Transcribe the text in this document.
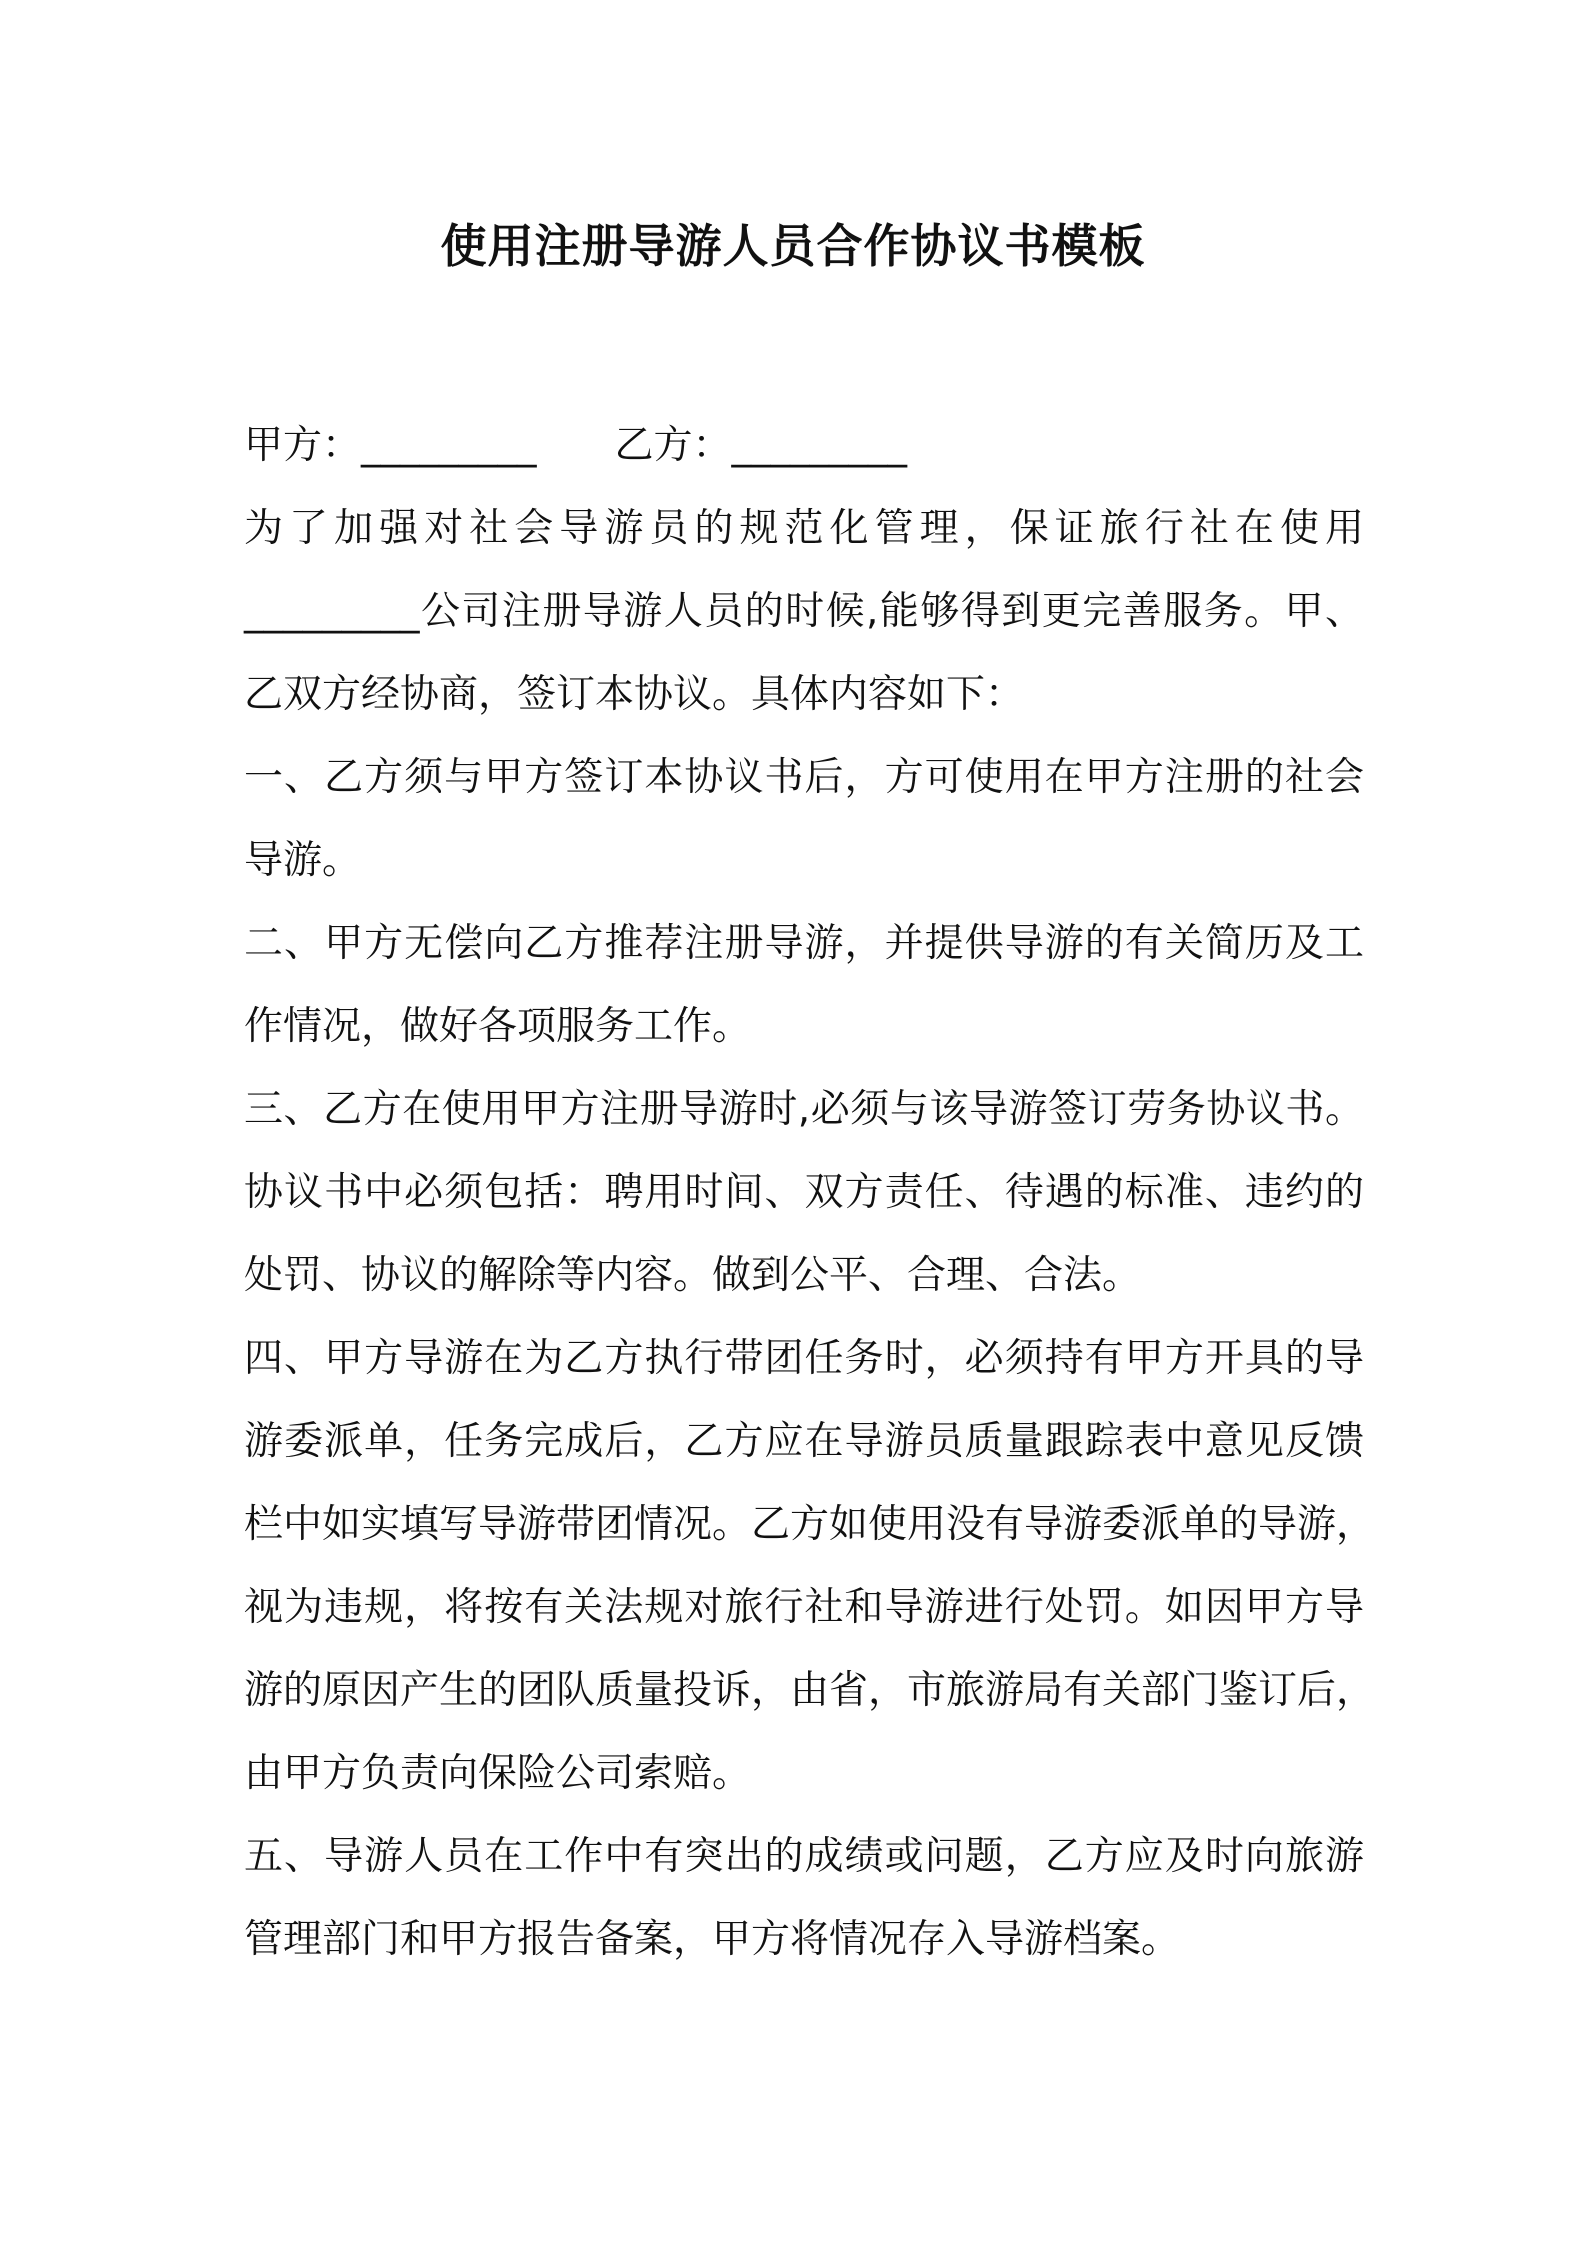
使用注册导游人员合作协议书模板
甲方：_________ 乙方：_________
为了加强对社会导游员的规范化管理，保证旅行社在使用
_________公司注册导游人员的时候,能够得到更完善服务。甲、
乙双方经协商，签订本协议。具体内容如下：
一、乙方须与甲方签订本协议书后，方可使用在甲方注册的社会
导游。
二、甲方无偿向乙方推荐注册导游，并提供导游的有关简历及工
作情况，做好各项服务工作。
三、乙方在使用甲方注册导游时,必须与该导游签订劳务协议书。
协议书中必须包括：聘用时间、双方责任、待遇的标准、违约的
处罚、协议的解除等内容。做到公平、合理、合法。
四、甲方导游在为乙方执行带团任务时，必须持有甲方开具的导
游委派单，任务完成后，乙方应在导游员质量跟踪表中意见反馈
栏中如实填写导游带团情况。乙方如使用没有导游委派单的导游，
视为违规，将按有关法规对旅行社和导游进行处罚。如因甲方导
游的原因产生的团队质量投诉，由省，市旅游局有关部门鉴订后，
由甲方负责向保险公司索赔。
五、导游人员在工作中有突出的成绩或问题，乙方应及时向旅游
管理部门和甲方报告备案，甲方将情况存入导游档案。
